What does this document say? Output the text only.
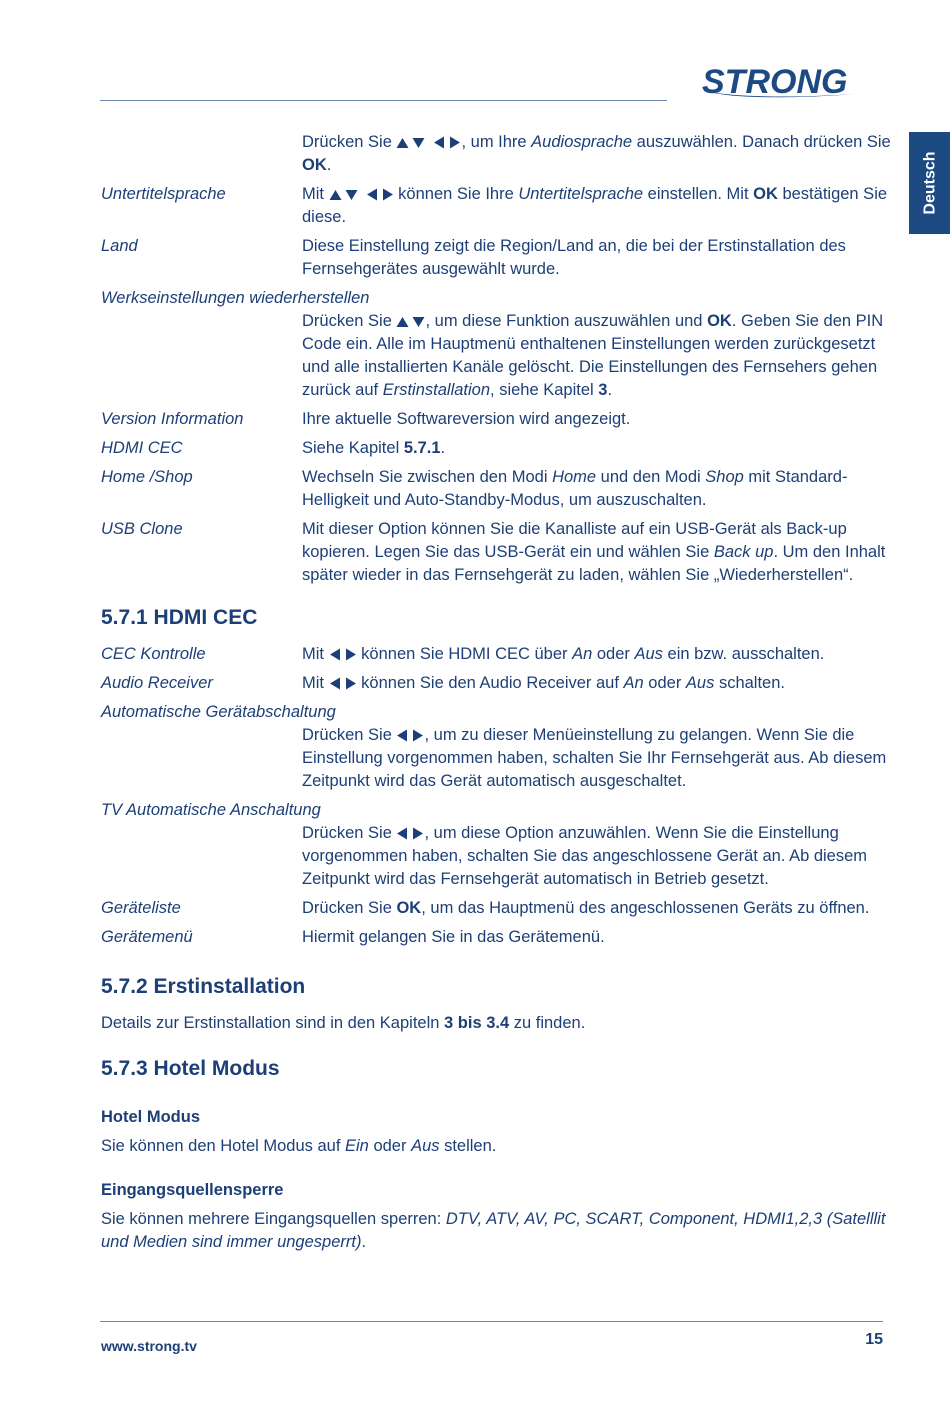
STRONG
Deutsch
Drücken Sie	, um Ihre Audiosprache auszuwählen. Danach drücken Sie OK.
Untertitelsprache	Mit	können Sie Ihre Untertitelsprache einstellen. Mit OK bestätigen Sie diese.
Land	Diese Einstellung zeigt die Region/Land an, die bei der Erstinstallation des Fernsehgerätes ausgewählt wurde.
Werkseinstellungen wiederherstellen
Drücken Sie , um diese Funktion auszuwählen und OK. Geben Sie den PIN Code ein. Alle im Hauptmenü enthaltenen Einstellungen werden zurückgesetzt und alle installierten Kanäle gelöscht. Die Einstellungen des Fernsehers gehen zurück auf Erstinstallation, siehe Kapitel 3.
Version Information	Ihre aktuelle Softwareversion wird angezeigt.
HDMI CEC	Siehe Kapitel 5.7.1.
Home /Shop	Wechseln Sie zwischen den Modi Home und den Modi Shop mit Standard-Helligkeit und Auto-Standby-Modus, um auszuschalten.
USB Clone	Mit dieser Option können Sie die Kanalliste auf ein USB-Gerät als Back-up kopieren. Legen Sie das USB-Gerät ein und wählen Sie Back up. Um den Inhalt später wieder in das Fernsehgerät zu laden, wählen Sie „Wiederherstellen“.
5.7.1 HDMI CEC
CEC Kontrolle	Mit  können Sie HDMI CEC über An oder Aus ein bzw. ausschalten.
Audio Receiver	Mit  können Sie den Audio Receiver auf An oder Aus schalten.
Automatische Gerätabschaltung
Drücken Sie , um zu dieser Menüeinstellung zu gelangen. Wenn Sie die Einstellung vorgenommen haben, schalten Sie Ihr Fernsehgerät aus. Ab diesem Zeitpunkt wird das Gerät automatisch ausgeschaltet.
TV Automatische Anschaltung
Drücken Sie , um diese Option anzuwählen. Wenn Sie die Einstellung vorgenommen haben, schalten Sie das angeschlossene Gerät an. Ab diesem Zeitpunkt wird das Fernsehgerät automatisch in Betrieb gesetzt.
Geräteliste	Drücken Sie OK, um das Hauptmenü des angeschlossenen Geräts zu öffnen.
Gerätemenü	Hiermit gelangen Sie in das Gerätemenü.
5.7.2 Erstinstallation

Details zur Erstinstallation sind in den Kapiteln 3 bis 3.4 zu finden.

5.7.3 Hotel Modus
Hotel Modus

Sie können den Hotel Modus auf Ein oder Aus stellen.

Eingangsquellensperre

Sie können mehrere Eingangsquellen sperren: DTV, ATV, AV, PC, SCART, Component, HDMI1,2,3 (Satelllit und Medien sind immer ungesperrt).

www.strong.tv	15
